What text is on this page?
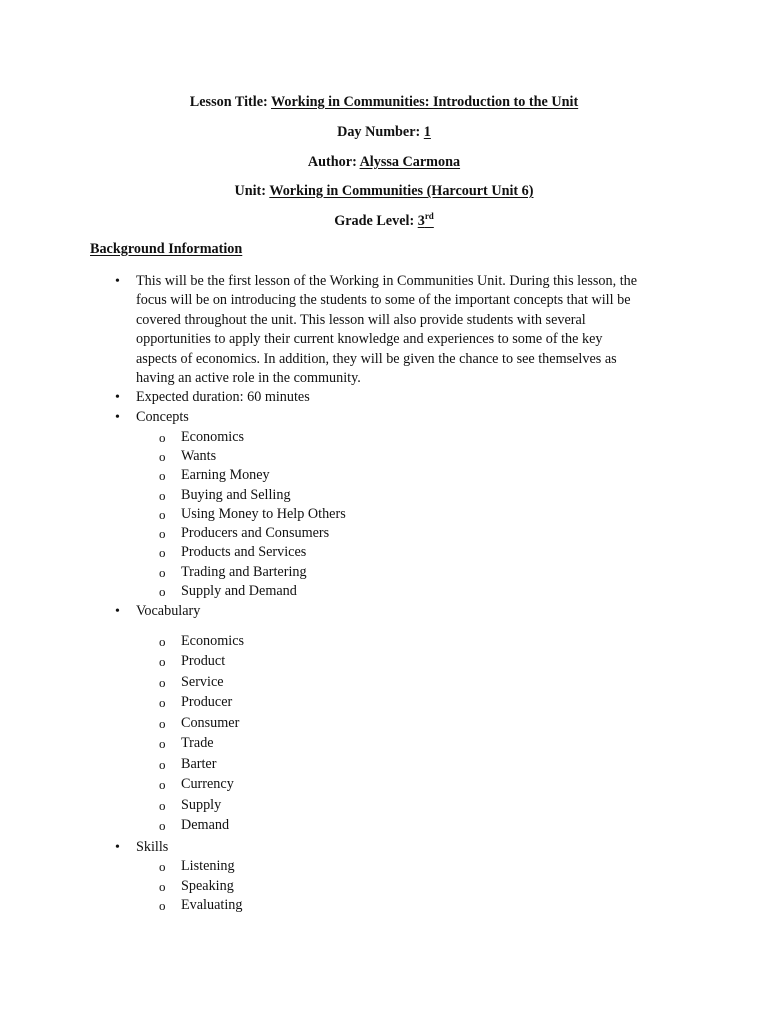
Lesson Title: Working in Communities: Introduction to the Unit
Day Number: 1
Author: Alyssa Carmona
Unit: Working in Communities (Harcourt Unit 6)
Grade Level: 3rd
Background Information
• This will be the first lesson of the Working in Communities Unit. During this lesson, the
focus will be on introducing the students to some of the important concepts that will be
covered throughout the unit. This lesson will also provide students with several
opportunities to apply their current knowledge and experiences to some of the key
aspects of economics. In addition, they will be given the chance to see themselves as
having an active role in the community.
• Expected duration: 60 minutes
• Concepts
o Economics
o Wants
o Earning Money
o Buying and Selling
o Using Money to Help Others
o Producers and Consumers
o Products and Services
o Trading and Bartering
o Supply and Demand
• Vocabulary
o Economics
o Product
o Service
o Producer
o Consumer
o Trade
o Barter
o Currency
o Supply
o Demand
• Skills
o Listening
o Speaking
o Evaluating
